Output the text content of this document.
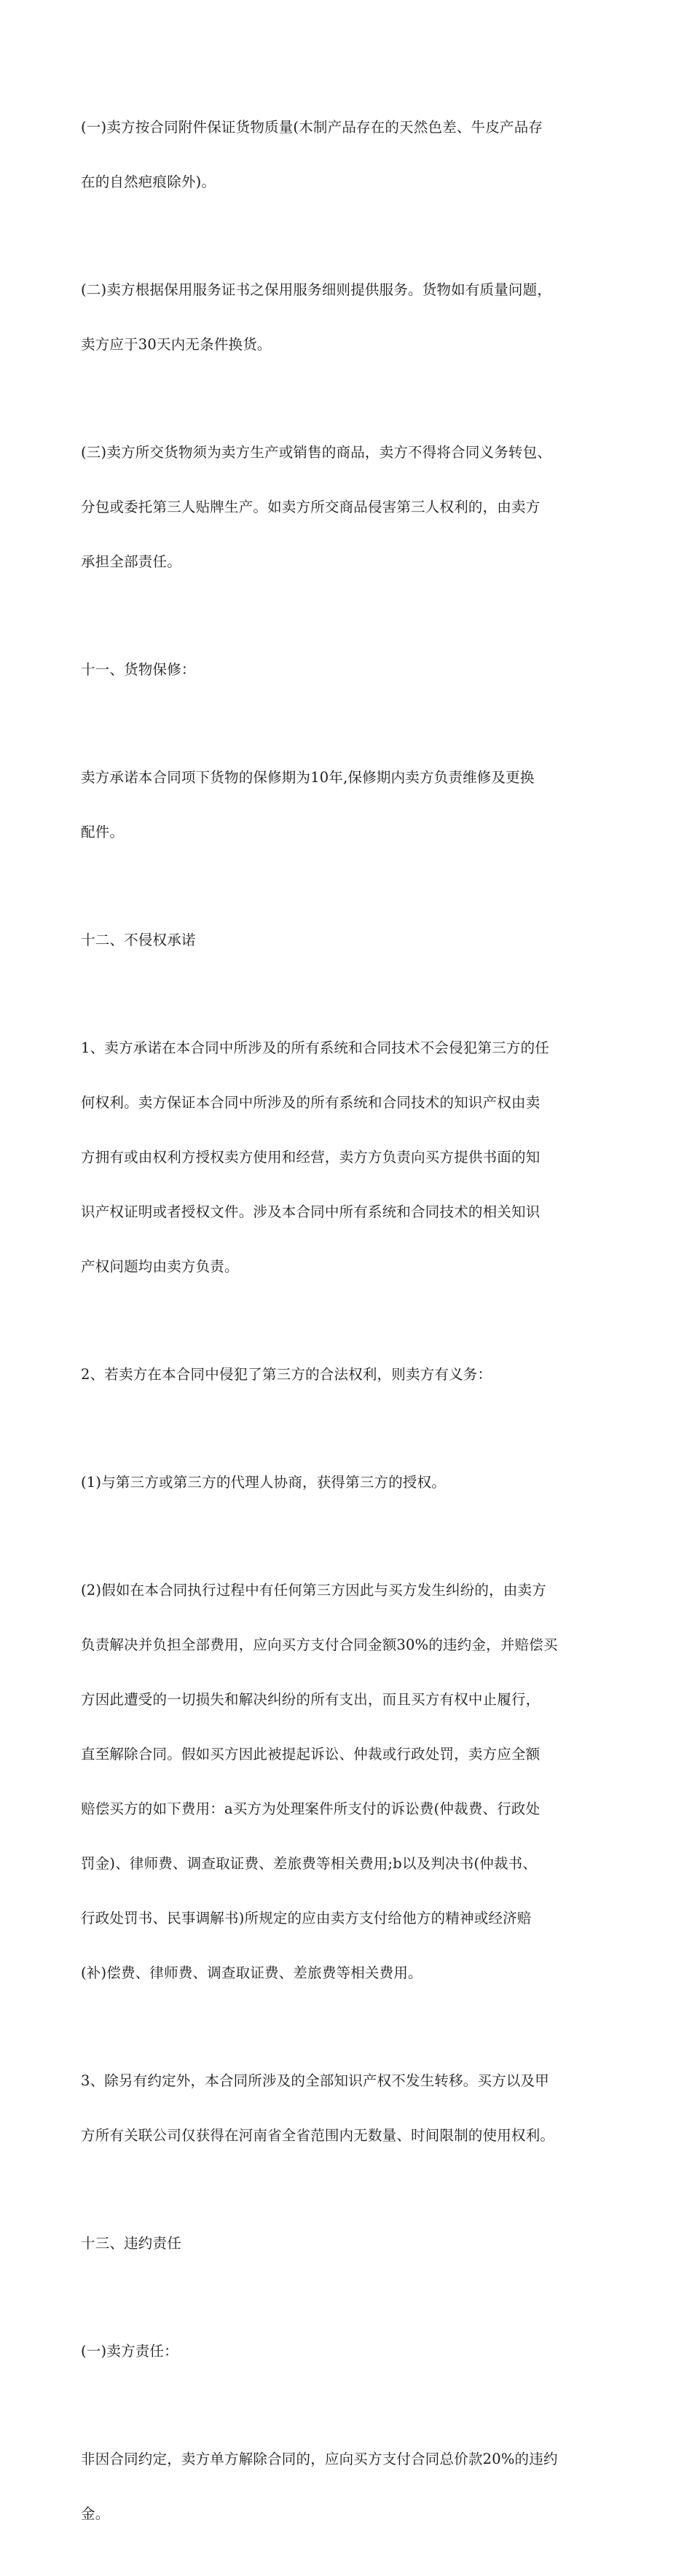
(一)卖方按合同附件保证货物质量(木制产品存在的天然色差、牛皮产品存

在的自然疤痕除外)。

(二)卖方根据保用服务证书之保用服务细则提供服务。货物如有质量问题，

卖方应于30天内无条件换货。

(三)卖方所交货物须为卖方生产或销售的商品，卖方不得将合同义务转包、

分包或委托第三人贴牌生产。如卖方所交商品侵害第三人权利的，由卖方

承担全部责任。

十一、货物保修：

卖方承诺本合同项下货物的保修期为10年,保修期内卖方负责维修及更换

配件。

十二、不侵权承诺

1、卖方承诺在本合同中所涉及的所有系统和合同技术不会侵犯第三方的任

何权利。卖方保证本合同中所涉及的所有系统和合同技术的知识产权由卖

方拥有或由权利方授权卖方使用和经营，卖方方负责向买方提供书面的知

识产权证明或者授权文件。涉及本合同中所有系统和合同技术的相关知识

产权问题均由卖方负责。

2、若卖方在本合同中侵犯了第三方的合法权利，则卖方有义务：

(1)与第三方或第三方的代理人协商，获得第三方的授权。

(2)假如在本合同执行过程中有任何第三方因此与买方发生纠纷的，由卖方

负责解决并负担全部费用，应向买方支付合同金额30%的违约金，并赔偿买

方因此遭受的一切损失和解决纠纷的所有支出，而且买方有权中止履行，

直至解除合同。假如买方因此被提起诉讼、仲裁或行政处罚，卖方应全额

赔偿买方的如下费用：a买方为处理案件所支付的诉讼费(仲裁费、行政处

罚金)、律师费、调查取证费、差旅费等相关费用;b以及判决书(仲裁书、

行政处罚书、民事调解书)所规定的应由卖方支付给他方的精神或经济赔

(补)偿费、律师费、调查取证费、差旅费等相关费用。

3、除另有约定外，本合同所涉及的全部知识产权不发生转移。买方以及甲

方所有关联公司仅获得在河南省全省范围内无数量、时间限制的使用权利。

十三、违约责任

(一)卖方责任：

非因合同约定，卖方单方解除合同的，应向买方支付合同总价款20%的违约

金。
